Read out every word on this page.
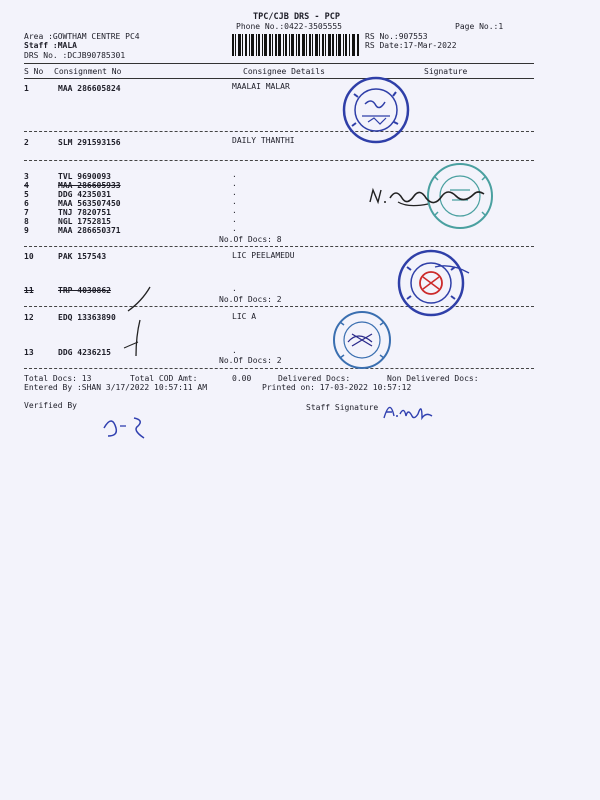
TPC/CJB DRS - PCP
Phone No.:0422-3505555	Page No.:1
Area :GOWTHAM CENTRE PC4
Staff :MALA
DRS No. :DCJB90785301
RS No.:907553
RS Date:17-Mar-2022
S No Consignment No	Consignee Details	Signature
1	MAA 286605824	MAALAI MALAR
2	SLM 291593156	DAILY THANTHI
3	TVL 9690093	.
4	MAA 286605933	.
5	DDG 4235031	.
6	MAA 563507450	.
7	TNJ 7820751	.
8	NGL 1752815	.
9	MAA 286650371	.
No.Of Docs: 8
10	PAK 157543	LIC PEELAMEDU
11	TRP 4030862	.
No.Of Docs: 2
12	EDQ 13363890	LIC A
13	DDG 4236215	.
No.Of Docs: 2
Total Docs: 13	Total COD Amt:	0.00	Delivered Docs:	Non Delivered Docs:
Entered By :SHAN 3/17/2022 10:57:11 AM	Printed on: 17-03-2022 10:57:12
Verified By	Staff Signature
